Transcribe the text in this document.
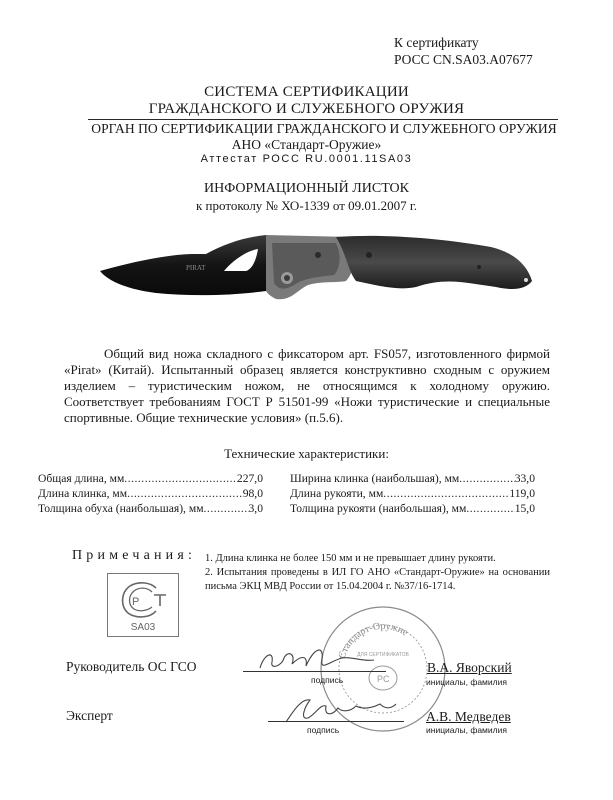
К сертификату
РОСС CN.SA03.A07677
СИСТЕМА СЕРТИФИКАЦИИ
ГРАЖДАНСКОГО И СЛУЖЕБНОГО ОРУЖИЯ
ОРГАН ПО СЕРТИФИКАЦИИ ГРАЖДАНСКОГО И СЛУЖЕБНОГО ОРУЖИЯ
АНО «Стандарт-Оружие»
Аттестат РОСС RU.0001.11SA03
ИНФОРМАЦИОННЫЙ ЛИСТОК
к протоколу № ХО-1339 от 09.01.2007 г.
PIRAT
Общий вид ножа складного с фиксатором арт. FS057, изготовленного фирмой «Pirat» (Китай). Испытанный образец является конструктивно сходным с оружием изделием – туристическим ножом, не относящимся к холодному оружию. Соответствует требованиям ГОСТ Р 51501-99 «Ножи туристические и специальные спортивные. Общие технические условия» (п.5.6).
Технические характеристики:
Общая длина, мм .....	227,0
Длина клинка, мм .....	98,0
Толщина обуха (наибольшая), мм .....	3,0
Ширина клинка (наибольшая), мм .....	33,0
Длина рукояти, мм .....	119,0
Толщина рукояти (наибольшая), мм .....	15,0
Примечания: 1. Длина клинка не более 150 мм и не превышает длину рукояти.

2. Испытания проведены в ИЛ ГО АНО «Стандарт-Оружие» на основании письма ЭКЦ МВД России от 15.04.2004 г. №37/16-1714.

P
SA03
Стандарт-Оружие
ДЛЯ СЕРТИФИКАТОВ
PC
Руководитель ОС ГСО
подпись
В.А. Яворский
инициалы, фамилия
Эксперт
подпись
А.В. Медведев
инициалы, фамилия
